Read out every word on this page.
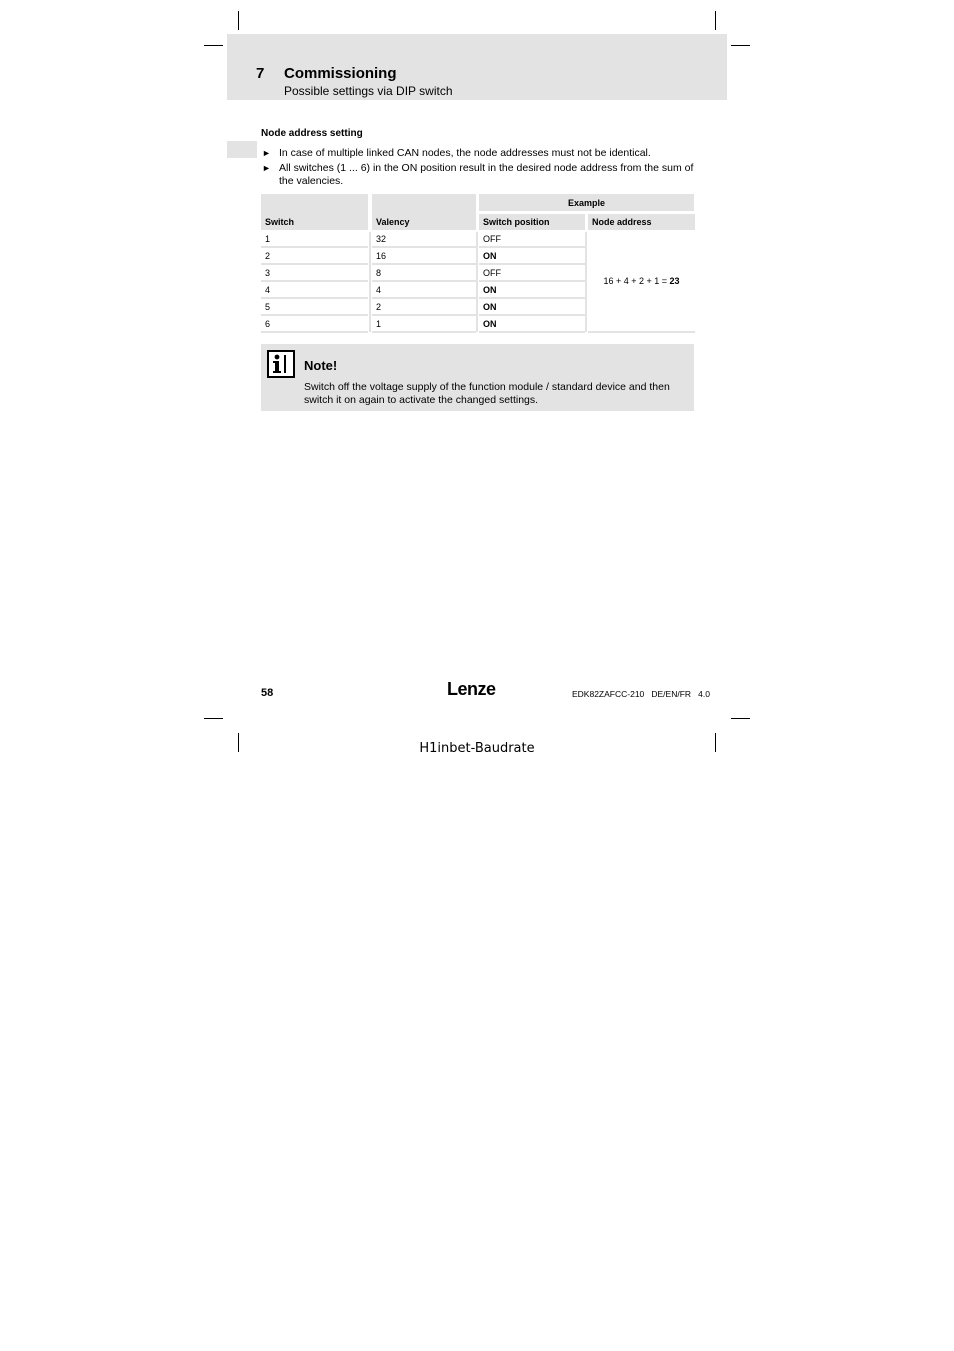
7 Commissioning
Possible settings via DIP switch
Node address setting
► In case of multiple linked CAN nodes, the node addresses must not be identical.
► All switches (1 ... 6) in the ON position result in the desired node address from the sum of the valencies.
Switch	Valency
Example
Switch position	Node address
1	32	OFF
2	16	ON
3	8	OFF
4	4	ON
5	2	ON
6	1	ON
16 + 4 + 2 + 1 = 23
Note!
Switch off the voltage supply of the function module / standard device and then switch it on again to activate the changed settings.
58	Lenze	EDK82ZAFCC-210   DE/EN/FR   4.0
H1inbet-Baudrate
